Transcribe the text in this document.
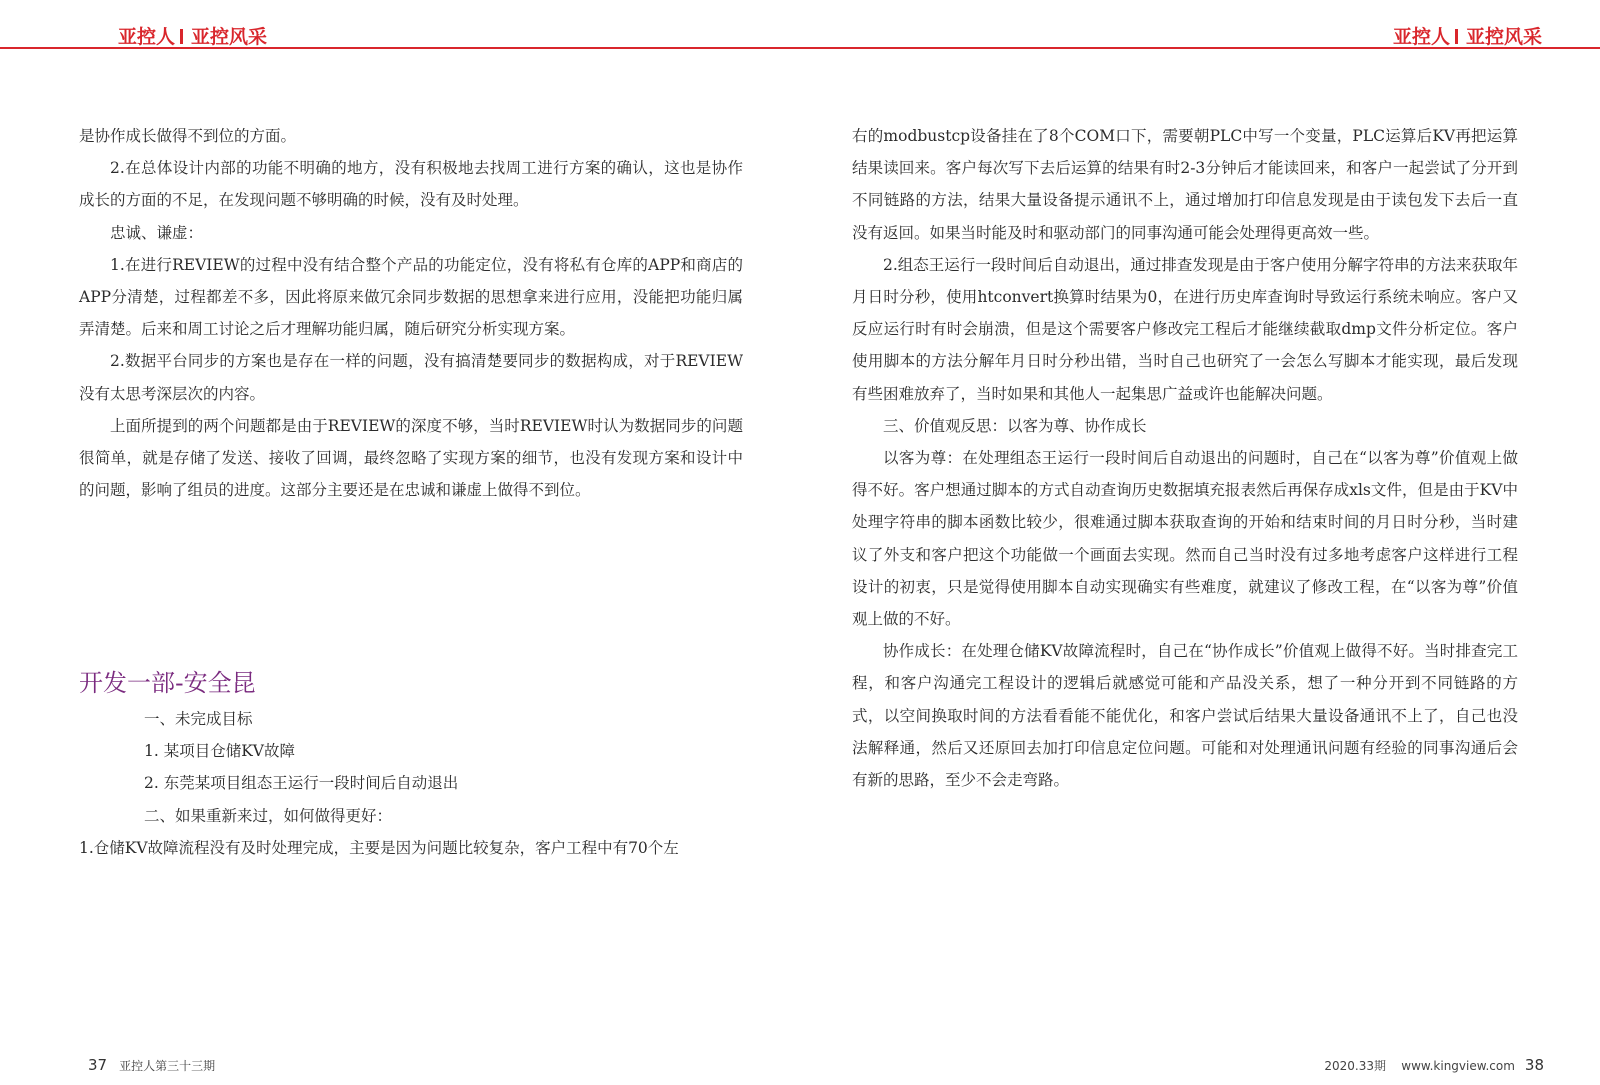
亚控人 亚控风采	亚控人 亚控风采

是协作成长做得不到位的方面。

2.在总体设计内部的功能不明确的地方，没有积极地去找周工进行方案的确认，这也是协作成长的方面的不足，在发现问题不够明确的时候，没有及时处理。

忠诚、谦虚：

1.在进行REVIEW的过程中没有结合整个产品的功能定位，没有将私有仓库的APP和商店的APP分清楚，过程都差不多，因此将原来做冗余同步数据的思想拿来进行应用，没能把功能归属弄清楚。后来和周工讨论之后才理解功能归属，随后研究分析实现方案。

2.数据平台同步的方案也是存在一样的问题，没有搞清楚要同步的数据构成，对于REVIEW没有太思考深层次的内容。

上面所提到的两个问题都是由于REVIEW的深度不够，当时REVIEW时认为数据同步的问题很简单，就是存储了发送、接收了回调，最终忽略了实现方案的细节，也没有发现方案和设计中的问题，影响了组员的进度。这部分主要还是在忠诚和谦虚上做得不到位。

开发一部-安全昆

一、未完成目标

1. 某项目仓储KV故障

2. 东莞某项目组态王运行一段时间后自动退出

二、如果重新来过，如何做得更好：

1.仓储KV故障流程没有及时处理完成，主要是因为问题比较复杂，客户工程中有70个左

右的modbustcp设备挂在了8个COM口下，需要朝PLC中写一个变量，PLC运算后KV再把运算结果读回来。客户每次写下去后运算的结果有时2-3分钟后才能读回来，和客户一起尝试了分开到不同链路的方法，结果大量设备提示通讯不上，通过增加打印信息发现是由于读包发下去后一直没有返回。如果当时能及时和驱动部门的同事沟通可能会处理得更高效一些。

2.组态王运行一段时间后自动退出，通过排查发现是由于客户使用分解字符串的方法来获取年月日时分秒，使用htconvert换算时结果为0，在进行历史库查询时导致运行系统未响应。客户又反应运行时有时会崩溃，但是这个需要客户修改完工程后才能继续截取dmp文件分析定位。客户使用脚本的方法分解年月日时分秒出错，当时自己也研究了一会怎么写脚本才能实现，最后发现有些困难放弃了，当时如果和其他人一起集思广益或许也能解决问题。

三、价值观反思：以客为尊、协作成长

以客为尊：在处理组态王运行一段时间后自动退出的问题时，自己在“以客为尊”价值观上做得不好。客户想通过脚本的方式自动查询历史数据填充报表然后再保存成xls文件，但是由于KV中处理字符串的脚本函数比较少，很难通过脚本获取查询的开始和结束时间的月日时分秒，当时建议了外支和客户把这个功能做一个画面去实现。然而自己当时没有过多地考虑客户这样进行工程设计的初衷，只是觉得使用脚本自动实现确实有些难度，就建议了修改工程，在“以客为尊”价值观上做的不好。

协作成长：在处理仓储KV故障流程时，自己在“协作成长”价值观上做得不好。当时排查完工程，和客户沟通完工程设计的逻辑后就感觉可能和产品没关系，想了一种分开到不同链路的方式，以空间换取时间的方法看看能不能优化，和客户尝试后结果大量设备通讯不上了，自己也没法解释通，然后又还原回去加打印信息定位问题。可能和对处理通讯问题有经验的同事沟通后会有新的思路，至少不会走弯路。

37 亚控人第三十三期	2020.33期    www.kingview.com 38
